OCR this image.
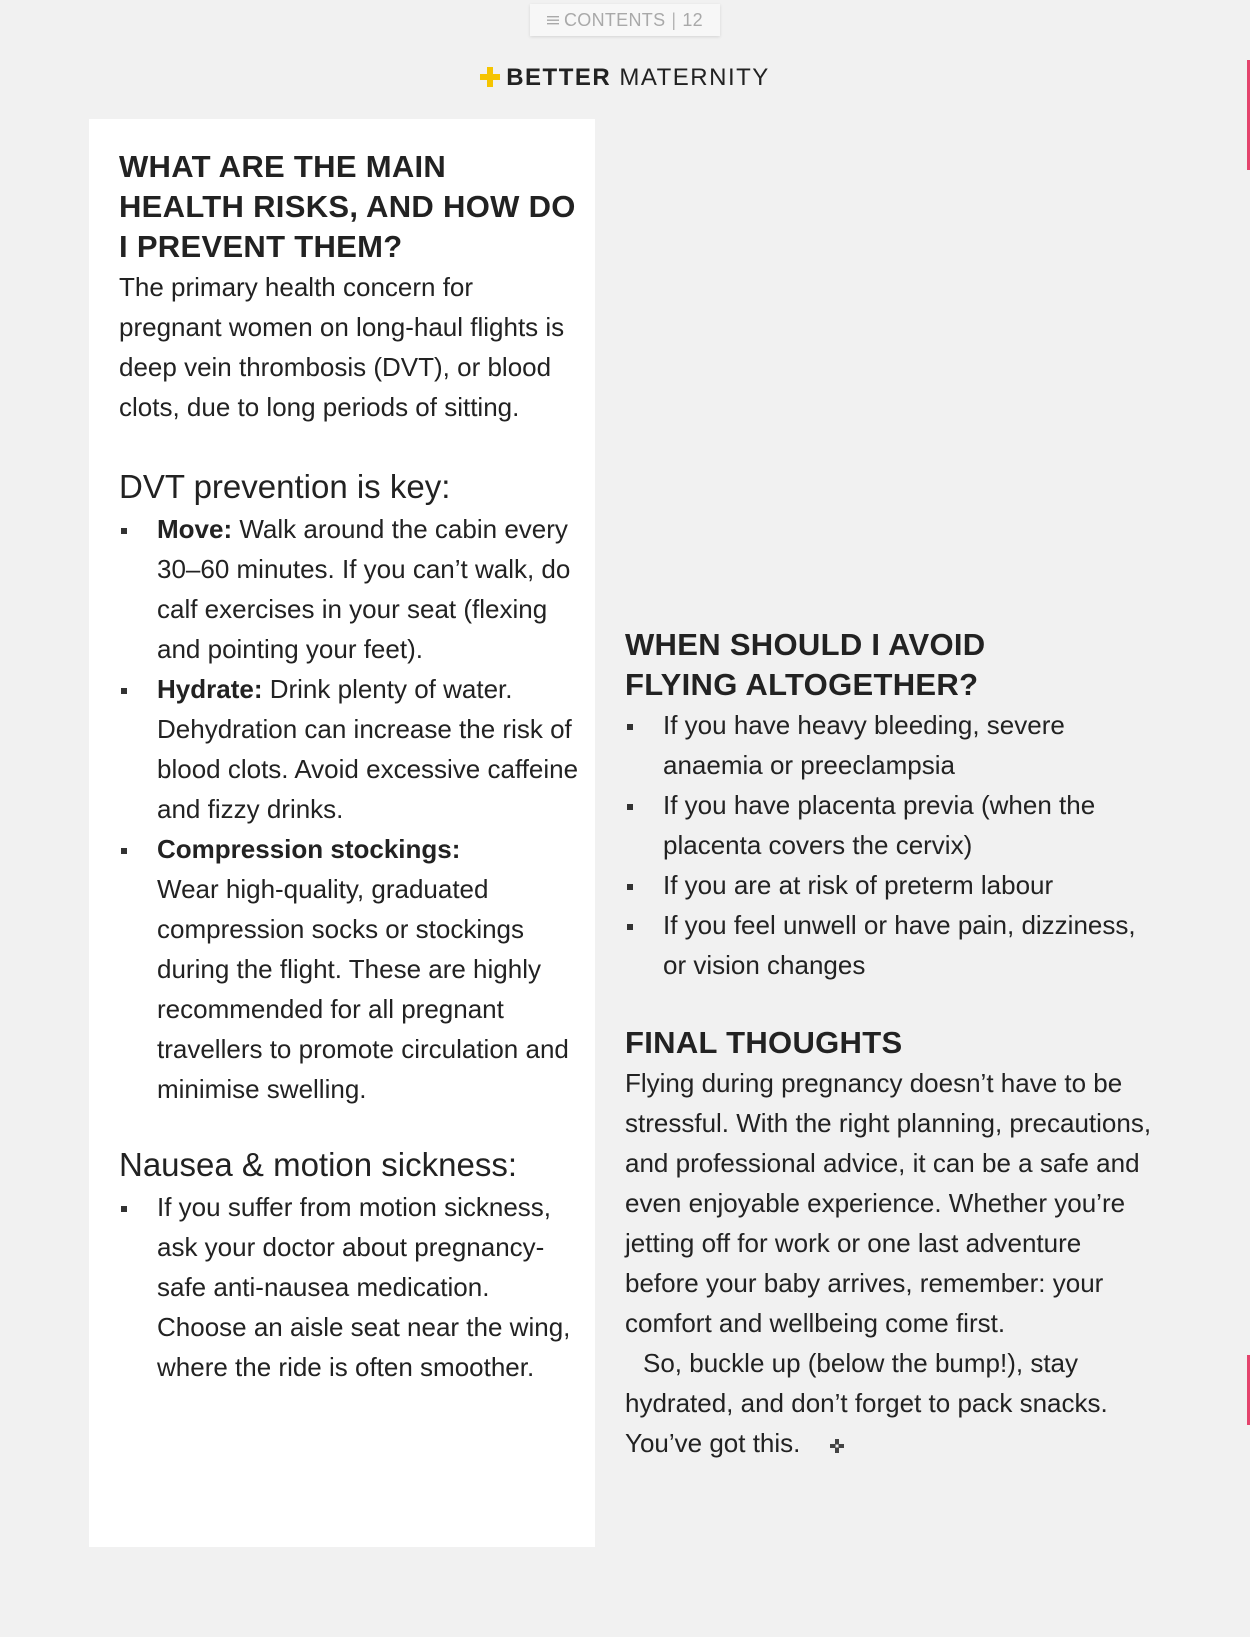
CONTENTS | 12
BETTER MATERNITY
WHAT ARE THE MAIN HEALTH RISKS, AND HOW DO I PREVENT THEM?

The primary health concern for pregnant women on long-haul flights is deep vein thrombosis (DVT), or blood clots, due to long periods of sitting.

DVT prevention is key:
Move: Walk around the cabin every 30–60 minutes. If you can’t walk, do calf exercises in your seat (flexing and pointing your feet).
Hydrate: Drink plenty of water. Dehydration can increase the risk of blood clots. Avoid excessive caffeine and fizzy drinks.
Compression stockings:
Wear high-quality, graduated compression socks or stockings during the flight. These are highly recommended for all pregnant travellers to promote circulation and minimise swelling.
Nausea & motion sickness:
If you suffer from motion sickness, ask your doctor about pregnancy-safe anti-nausea medication. Choose an aisle seat near the wing, where the ride is often smoother.
WHEN SHOULD I AVOID FLYING ALTOGETHER?
If you have heavy bleeding, severe anaemia or preeclampsia
If you have placenta previa (when the placenta covers the cervix)
If you are at risk of preterm labour
If you feel unwell or have pain, dizziness, or vision changes
FINAL THOUGHTS

Flying during pregnancy doesn’t have to be stressful. With the right planning, precautions, and professional advice, it can be a safe and even enjoyable experience. Whether you’re jetting off for work or one last adventure before your baby arrives, remember: your comfort and wellbeing come first.

So, buckle up (below the bump!), stay hydrated, and don’t forget to pack snacks. You’ve got this.
